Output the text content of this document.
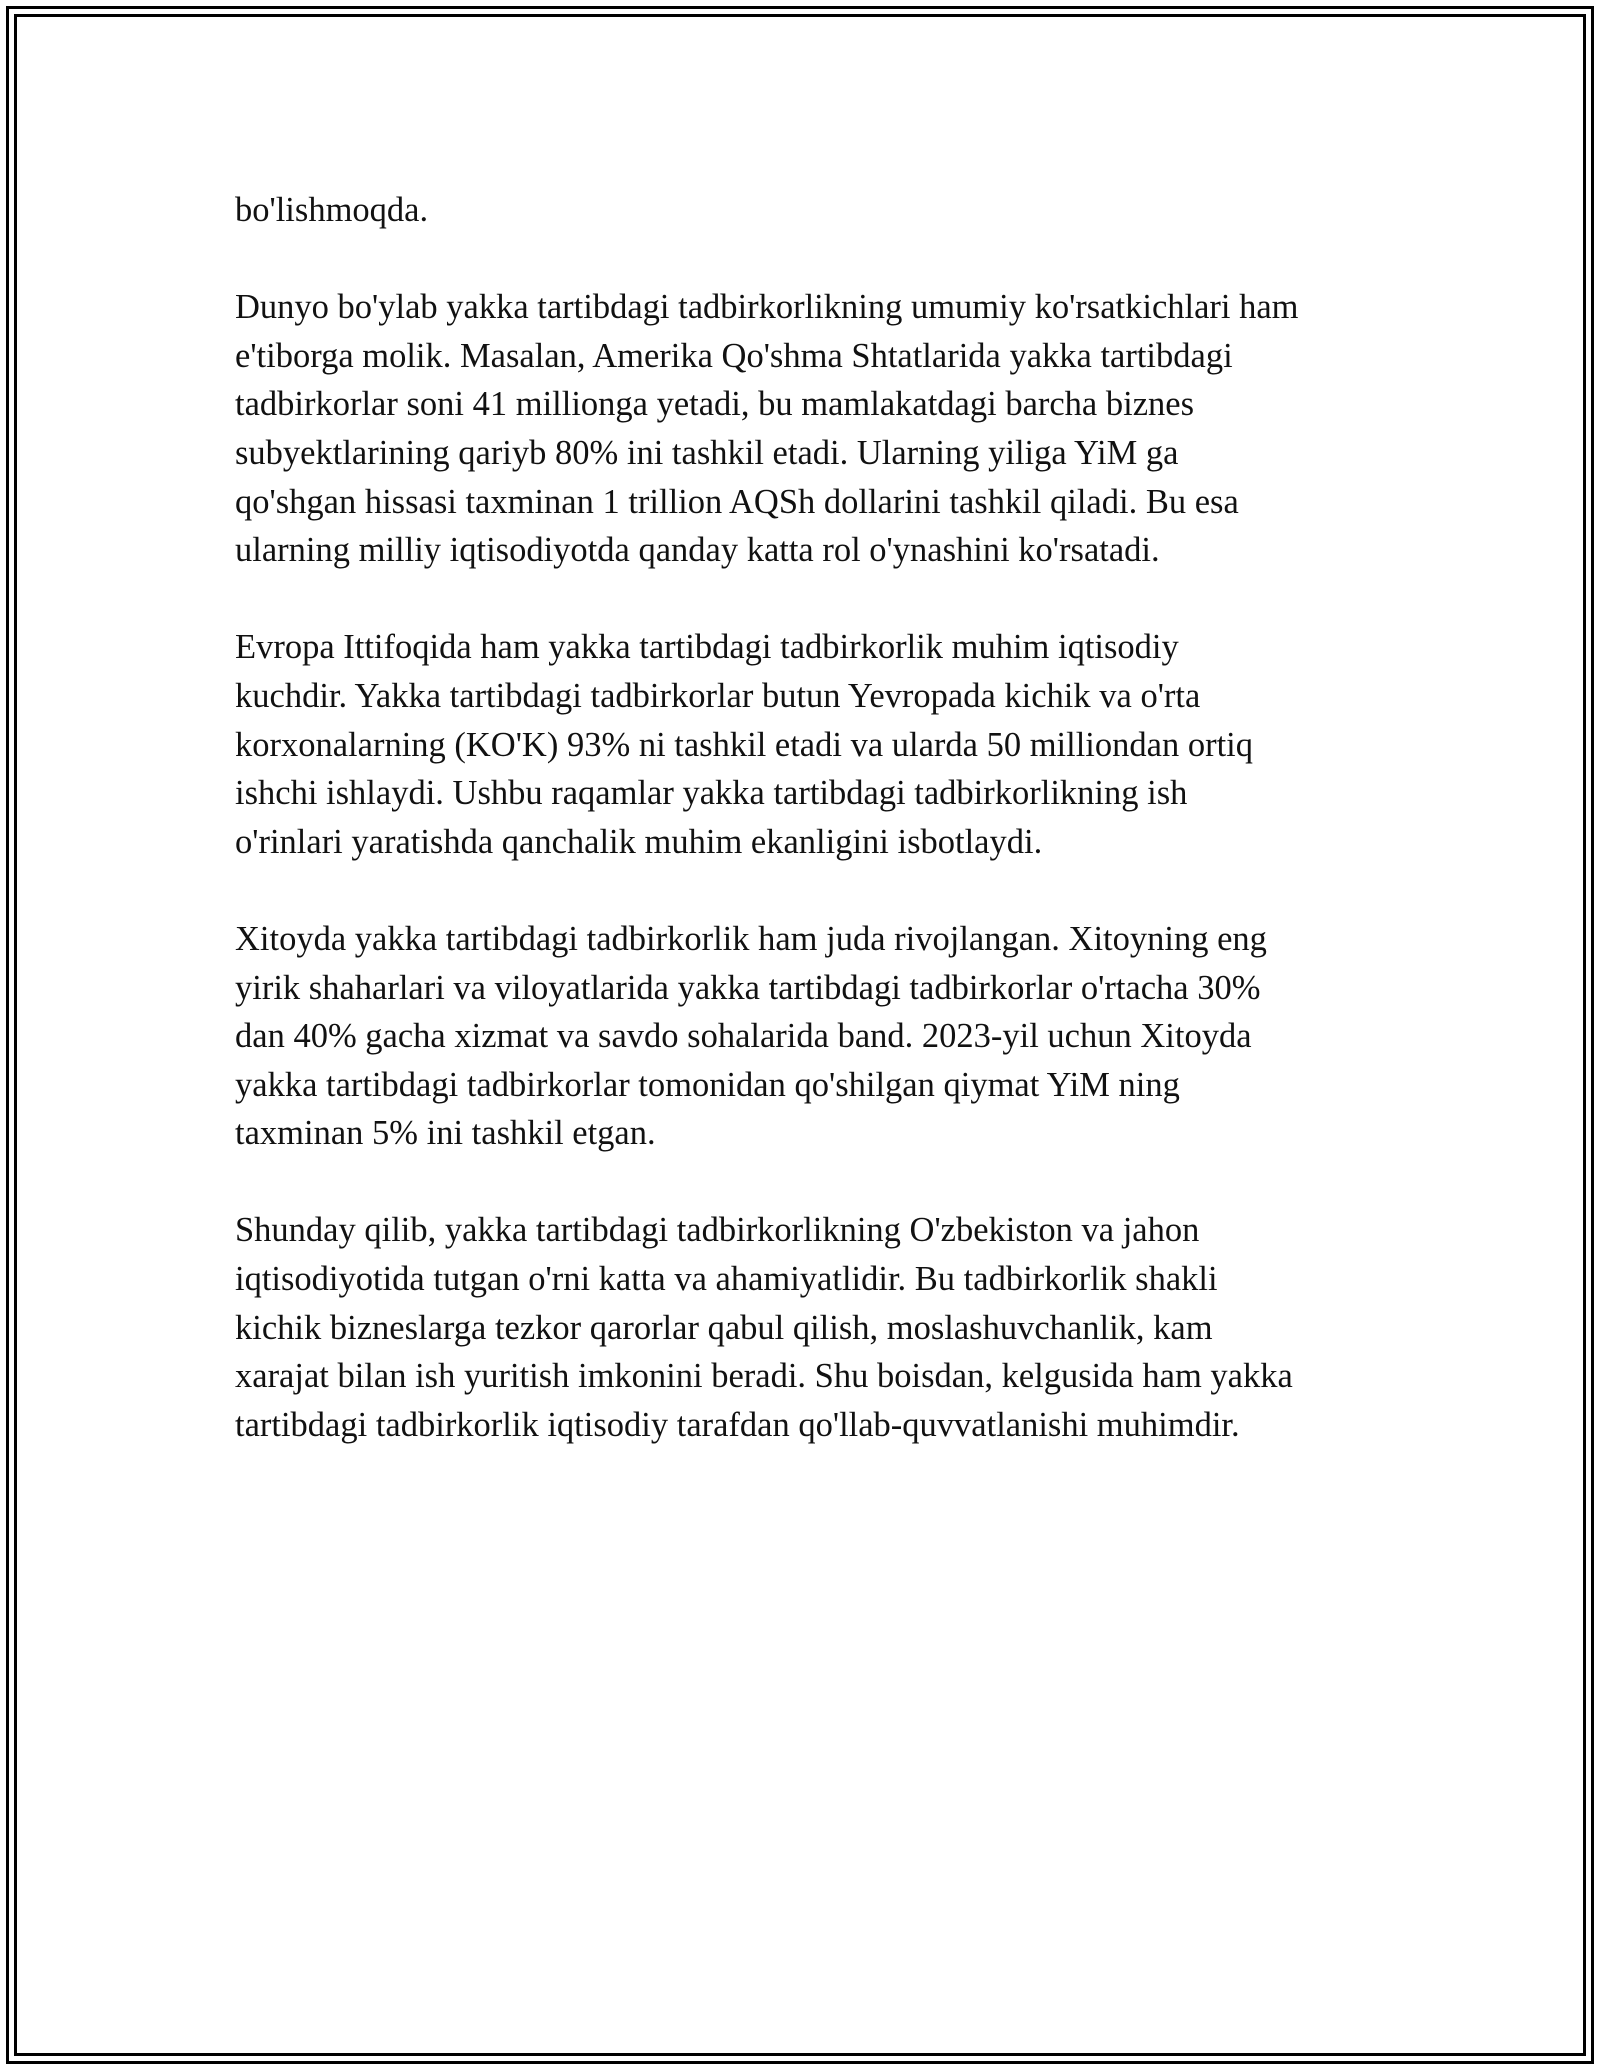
bo'lishmoqda.

Dunyo bo'ylab yakka tartibdagi tadbirkorlikning umumiy ko'rsatkichlari ham
e'tiborga molik. Masalan, Amerika Qo'shma Shtatlarida yakka tartibdagi
tadbirkorlar soni 41 millionga yetadi, bu mamlakatdagi barcha biznes
subyektlarining qariyb 80% ini tashkil etadi. Ularning yiliga YiM ga
qo'shgan hissasi taxminan 1 trillion AQSh dollarini tashkil qiladi. Bu esa
ularning milliy iqtisodiyotda qanday katta rol o'ynashini ko'rsatadi.

Evropa Ittifoqida ham yakka tartibdagi tadbirkorlik muhim iqtisodiy
kuchdir. Yakka tartibdagi tadbirkorlar butun Yevropada kichik va o'rta
korxonalarning (KO'K) 93% ni tashkil etadi va ularda 50 milliondan ortiq
ishchi ishlaydi. Ushbu raqamlar yakka tartibdagi tadbirkorlikning ish
o'rinlari yaratishda qanchalik muhim ekanligini isbotlaydi.

Xitoyda yakka tartibdagi tadbirkorlik ham juda rivojlangan. Xitoyning eng
yirik shaharlari va viloyatlarida yakka tartibdagi tadbirkorlar o'rtacha 30%
dan 40% gacha xizmat va savdo sohalarida band. 2023-yil uchun Xitoyda
yakka tartibdagi tadbirkorlar tomonidan qo'shilgan qiymat YiM ning
taxminan 5% ini tashkil etgan.

Shunday qilib, yakka tartibdagi tadbirkorlikning O'zbekiston va jahon
iqtisodiyotida tutgan o'rni katta va ahamiyatlidir. Bu tadbirkorlik shakli
kichik bizneslarga tezkor qarorlar qabul qilish, moslashuvchanlik, kam
xarajat bilan ish yuritish imkonini beradi. Shu boisdan, kelgusida ham yakka
tartibdagi tadbirkorlik iqtisodiy tarafdan qo'llab-quvvatlanishi muhimdir.
